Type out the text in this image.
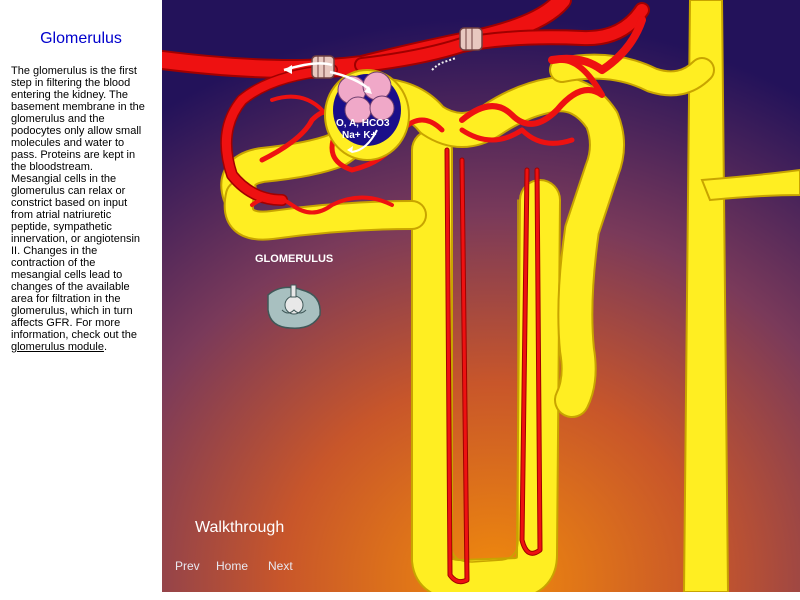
Glomerulus
The glomerulus is the first step in filtering the blood entering the kidney. The basement membrane in the glomerulus and the podocytes only allow small molecules and water to pass. Proteins are kept in the bloodstream. Mesangial cells in the glomerulus can relax or constrict based on input from atrial natriuretic peptide, sympathetic innervation, or angiotensin II. Changes in the contraction of the mesangial cells lead to changes of the available area for filtration in the glomerulus, which in turn affects GFR. For more information, check out the glomerulus module.
O, A, HCO3
Na+ K+
GLOMERULUS
Walkthrough
Prev Home Next
